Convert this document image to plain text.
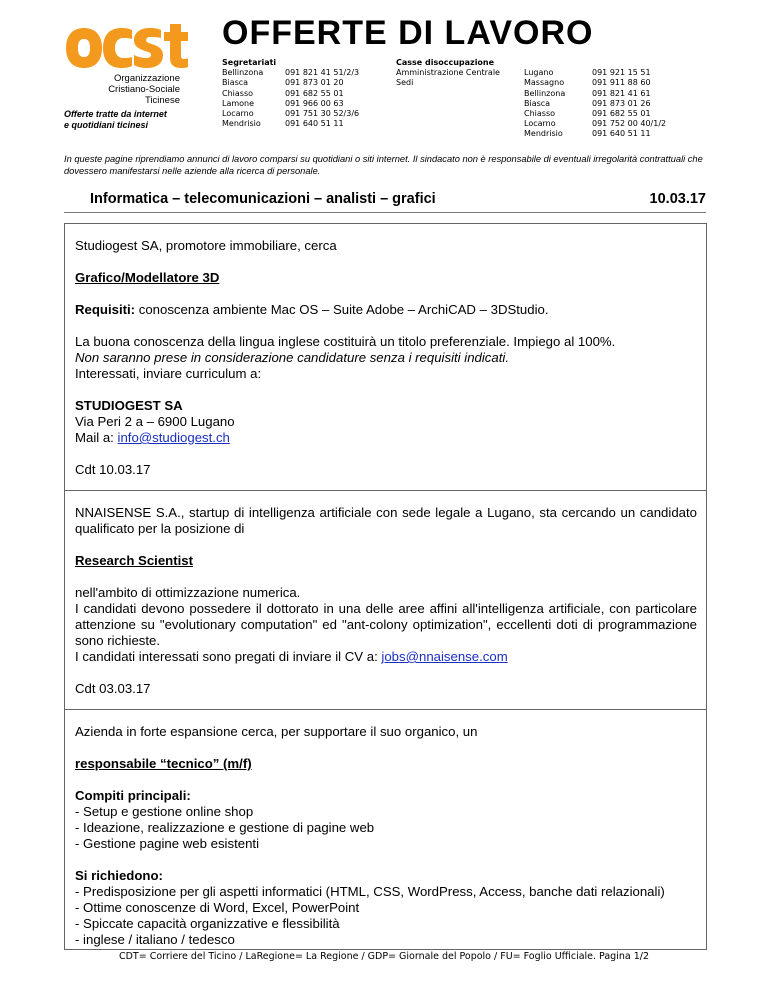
Organizzazione
Cristiano-Sociale
Ticinese
Offerte tratte da internet
e quotidiani ticinesi
OFFERTE DI LAVORO
Segretariati
Bellinzona
Biasca
Chiasso
Lamone
Locarno
Mendrisio

091 821 41 51/2/3
091 873 01 20
091 682 55 01
091 966 00 63
091 751 30 52/3/6
091 640 51 11
Casse disoccupazione
Amministrazione Centrale
Sedi

Lugano
Massagno
Bellinzona
Biasca
Chiasso
Locarno
Mendrisio

091 921 15 51
091 911 88 60
091 821 41 61
091 873 01 26
091 682 55 01
091 752 00 40/1/2
091 640 51 11
In queste pagine riprendiamo annunci di lavoro comparsi su quotidiani o siti internet. Il sindacato non è responsabile di eventuali irregolarità contrattuali che dovessero manifestarsi nelle aziende alla ricerca di personale.
Informatica – telecomunicazioni – analisti – grafici	10.03.17

Studiogest SA, promotore immobiliare, cerca

Grafico/Modellatore 3D

Requisiti: conoscenza ambiente Mac OS – Suite Adobe – ArchiCAD – 3DStudio.

La buona conoscenza della lingua inglese costituirà un titolo preferenziale. Impiego al 100%.

Non saranno prese in considerazione candidature senza i requisiti indicati.

Interessati, inviare curriculum a:

STUDIOGEST SA

Via Peri 2 a – 6900 Lugano

Mail a: info@studiogest.ch

Cdt 10.03.17

NNAISENSE S.A., startup di intelligenza artificiale con sede legale a Lugano, sta cercando un candidato qualificato per la posizione di

Research Scientist

nell'ambito di ottimizzazione numerica.

I candidati devono possedere il dottorato in una delle aree affini all'intelligenza artificiale, con particolare attenzione su "evolutionary computation" ed "ant-colony optimization", eccellenti doti di programmazione sono richieste.

I candidati interessati sono pregati di inviare il CV a: jobs@nnaisense.com

Cdt 03.03.17

Azienda in forte espansione cerca, per supportare il suo organico, un

responsabile “tecnico” (m/f)

Compiti principali:

- Setup e gestione online shop

- Ideazione, realizzazione e gestione di pagine web

- Gestione pagine web esistenti

Si richiedono:

- Predisposizione per gli aspetti informatici (HTML, CSS, WordPress, Access, banche dati relazionali)

- Ottime conoscenze di Word, Excel, PowerPoint

- Spiccate capacità organizzative e flessibilità

- inglese / italiano / tedesco

CDT= Corriere del Ticino / LaRegione= La Regione / GDP= Giornale del Popolo / FU= Foglio Ufficiale. Pagina 1/2
